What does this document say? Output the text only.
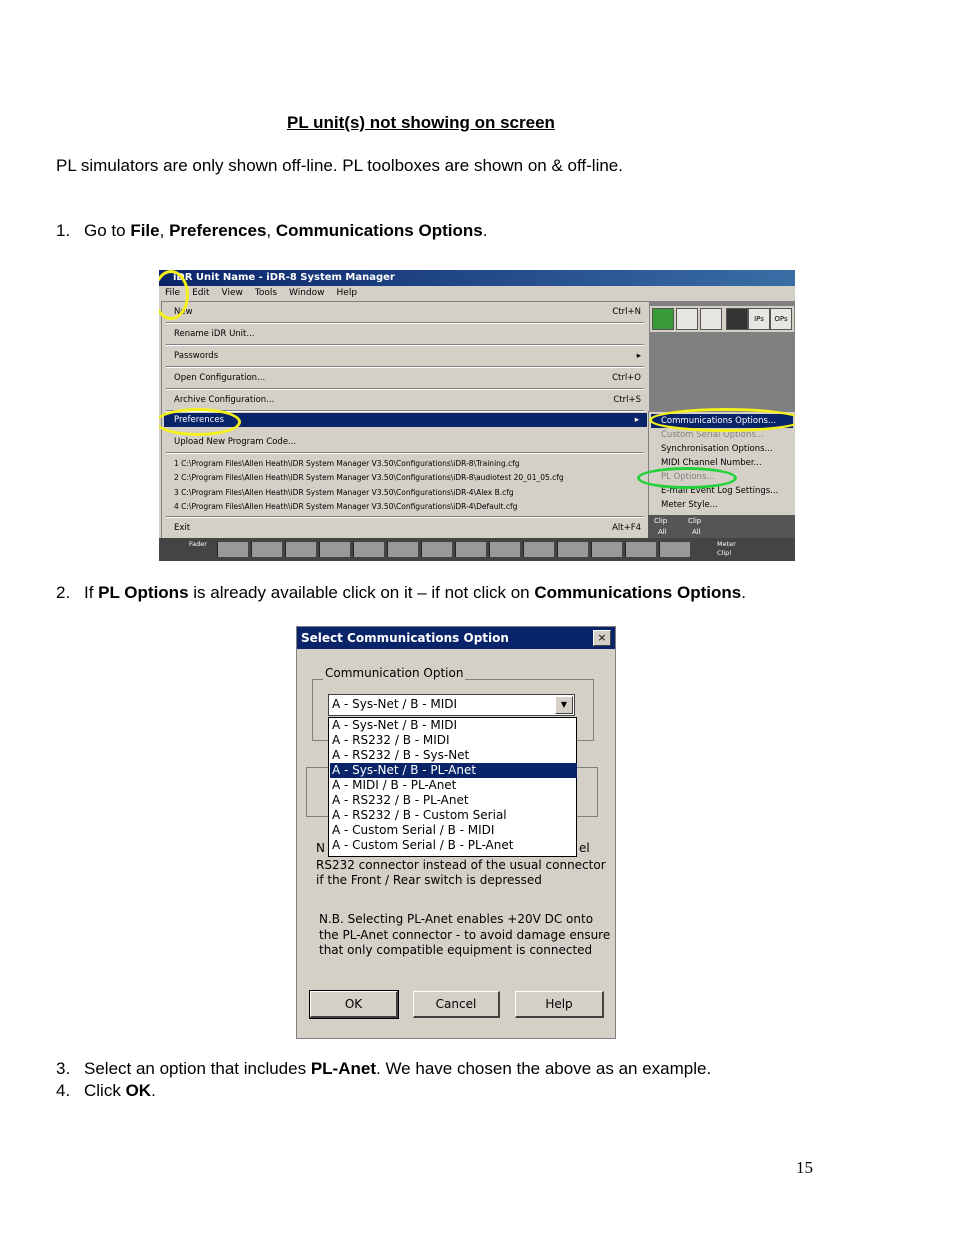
PL unit(s) not showing on screen
PL simulators are only shown off-line. PL toolboxes are shown on & off-line.
1. Go to File, Preferences, Communications Options.
iDR Unit Name - iDR-8 System Manager
File Edit View Tools Window Help
IPs	OPs
New	Ctrl+N
Rename iDR Unit...
Passwords	▸
Open Configuration...	Ctrl+O
Archive Configuration...	Ctrl+S
Preferences	▸
Upload New Program Code...
1 C:\Program Files\Allen Heath\iDR System Manager V3.50\Configurations\iDR-8\Training.cfg
2 C:\Program Files\Allen Heath\iDR System Manager V3.50\Configurations\iDR-8\audiotest 20_01_05.cfg
3 C:\Program Files\Allen Heath\iDR System Manager V3.50\Configurations\iDR-4\Alex B.cfg
4 C:\Program Files\Allen Heath\iDR System Manager V3.50\Configurations\iDR-4\Default.cfg
Exit	Alt+F4
Communications Options...
Custom Serial Options...
Synchronisation Options...
MIDI Channel Number...
PL Options...
E-mail Event Log Settings...
Meter Style...
Clip	Clip
All	All
Fader	Meter
Clip!
2. If PL Options is already available click on it – if not click on Communications Options.
Select Communications Option	×
Communication Option
A - Sys-Net / B - MIDI	▼
A - Sys-Net / B - MIDI
A - RS232 / B - MIDI
A - RS232 / B - Sys-Net
A - Sys-Net / B - PL-Anet
A - MIDI / B - PL-Anet
A - RS232 / B - PL-Anet
A - RS232 / B - Custom Serial
A - Custom Serial / B - MIDI
A - Custom Serial / B - PL-Anet
N	el
RS232 connector instead of the usual connector
if the Front / Rear switch is depressed
N.B. Selecting PL-Anet enables +20V DC onto
the PL-Anet connector - to avoid damage ensure
that only compatible equipment is connected
OK	Cancel	Help
3. Select an option that includes PL-Anet. We have chosen the above as an example.
4. Click OK.
15
